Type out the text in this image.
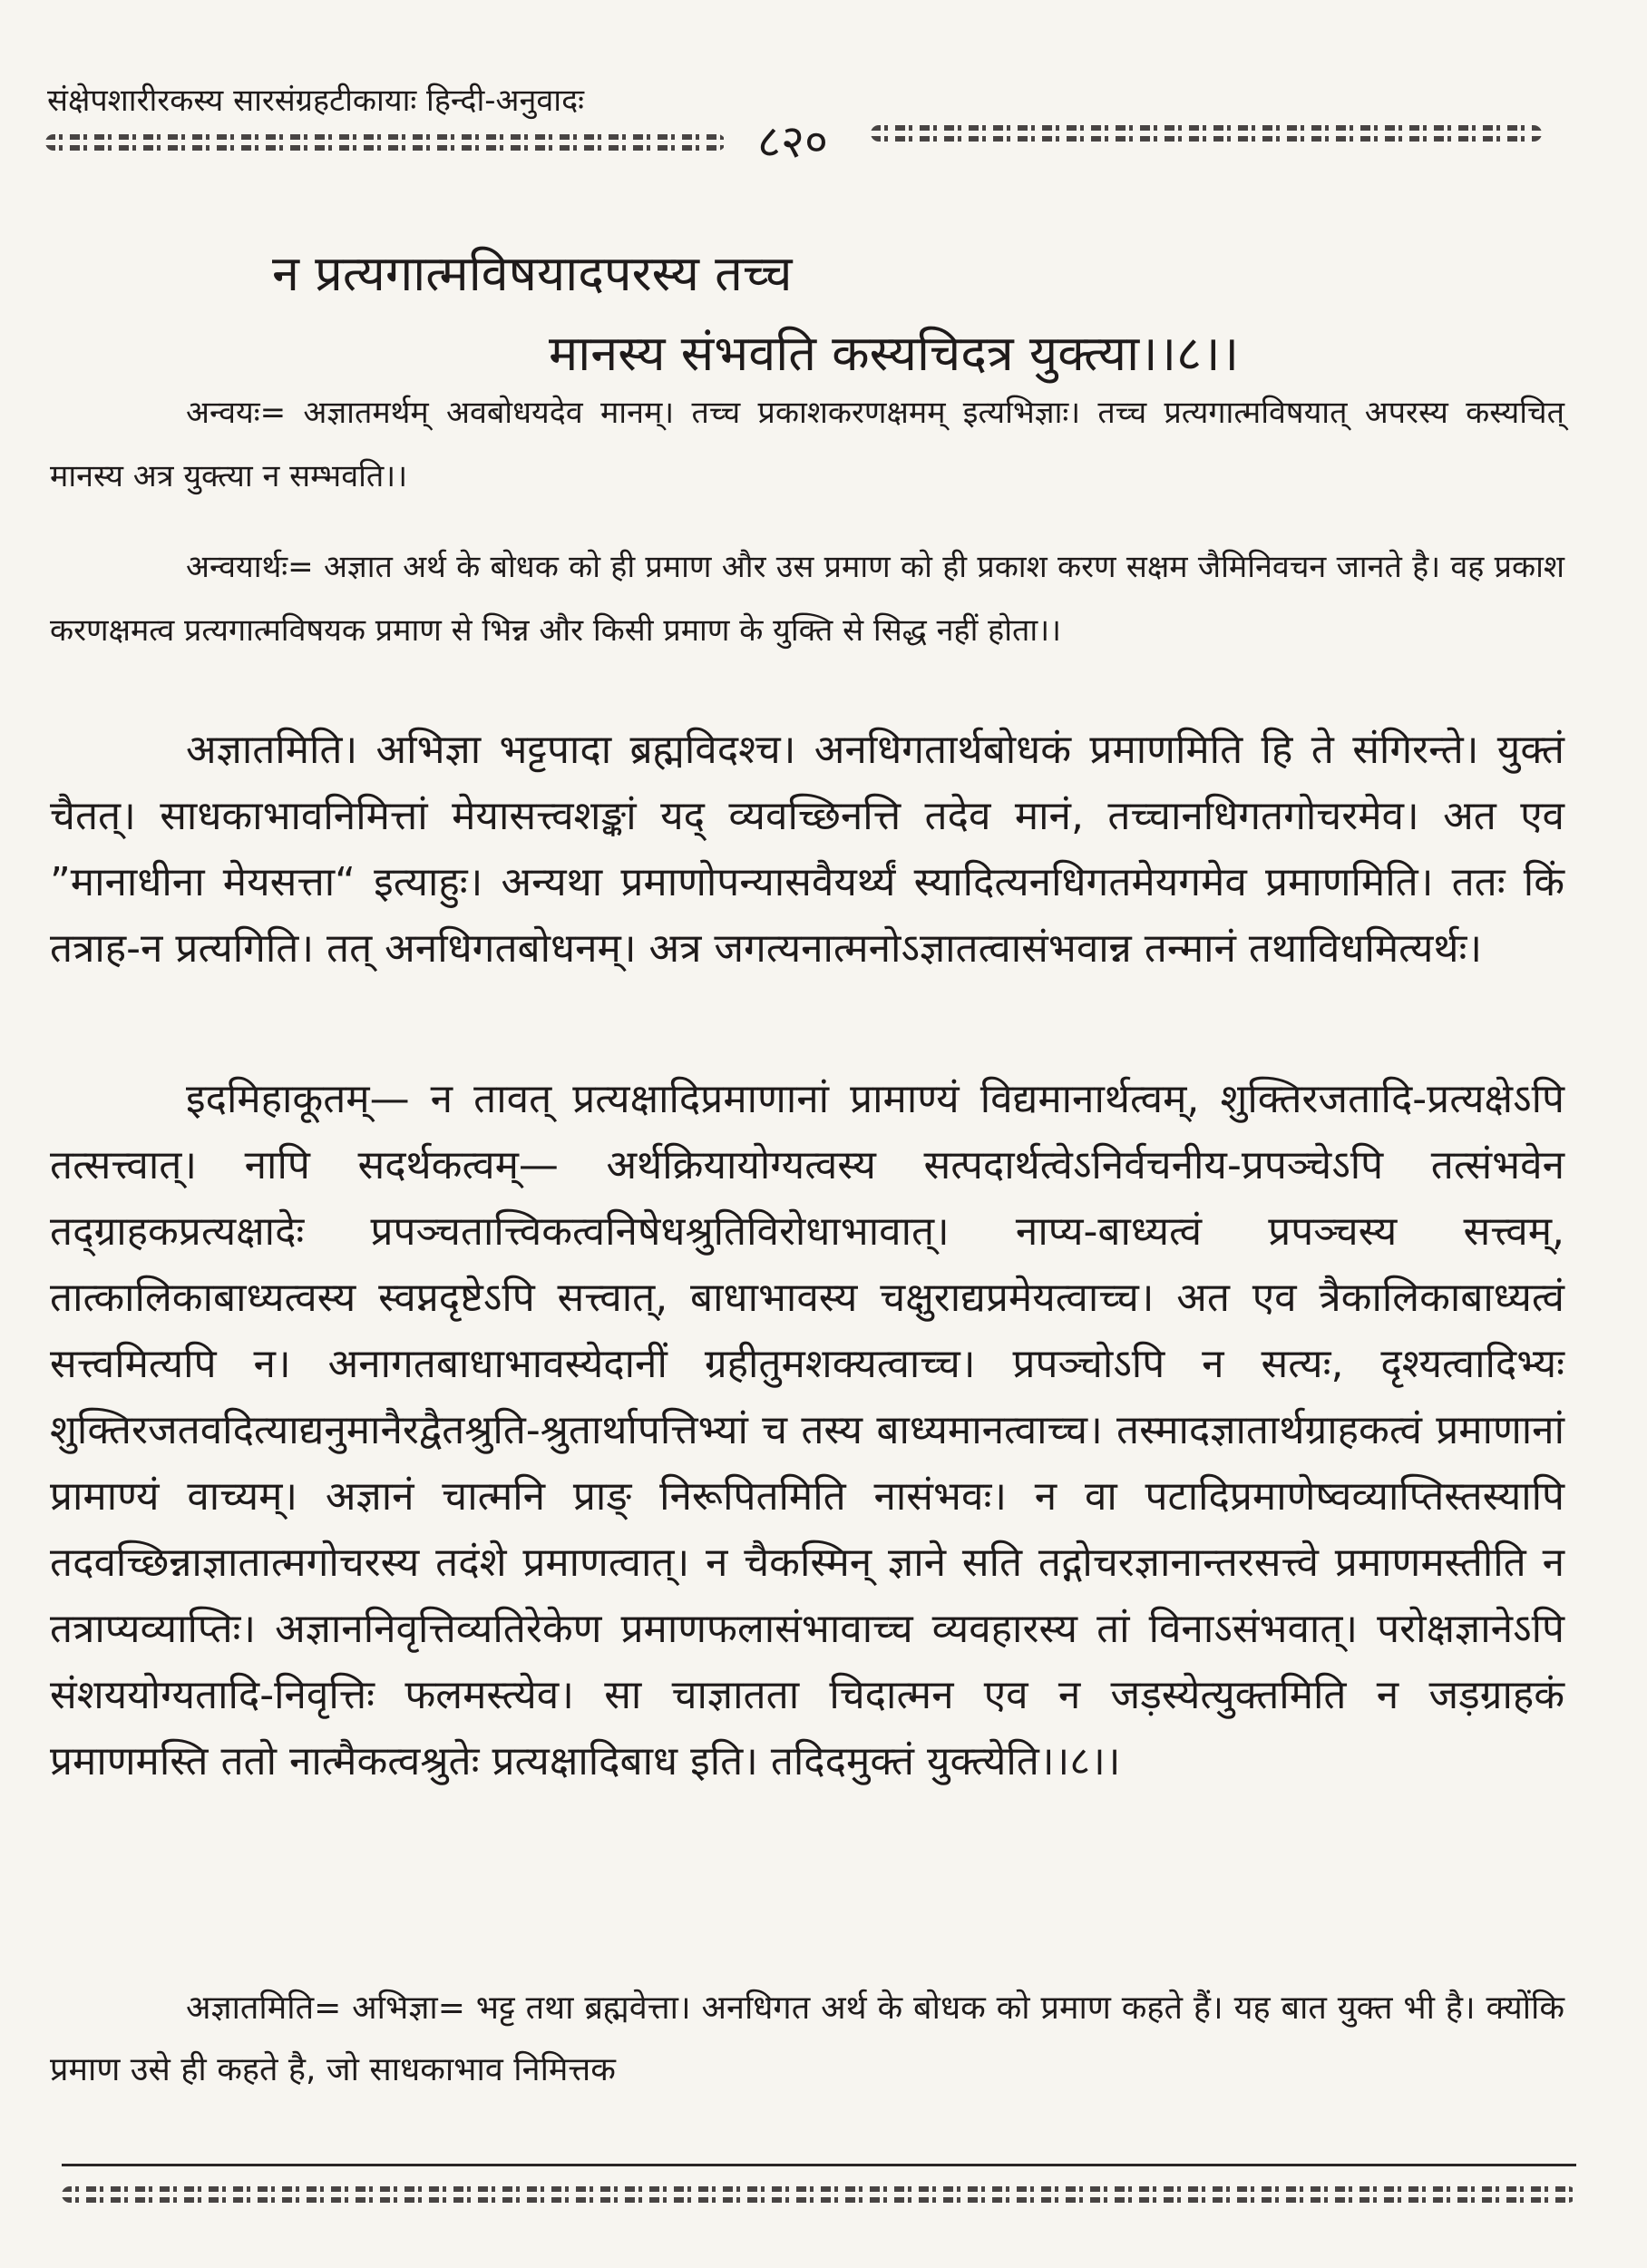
संक्षेपशारीरकस्य सारसंग्रहटीकायाः हिन्दी-अनुवादः
८२०
न प्रत्यगात्मविषयादपरस्य तच्च
मानस्य संभवति कस्यचिदत्र युक्त्या।।८।।
अन्वयः= अज्ञातमर्थम् अवबोधयदेव मानम्। तच्च प्रकाशकरणक्षमम् इत्यभिज्ञाः। तच्च प्रत्यगात्मविषयात् अपरस्य कस्यचित् मानस्य अत्र युक्त्या न सम्भवति।।
अन्वयार्थः= अज्ञात अर्थ के बोधक को ही प्रमाण और उस प्रमाण को ही प्रकाश करण सक्षम जैमिनिवचन जानते है। वह प्रकाश करणक्षमत्व प्रत्यगात्मविषयक प्रमाण से भिन्न और किसी प्रमाण के युक्ति से सिद्ध नहीं होता।।
अज्ञातमिति। अभिज्ञा भट्टपादा ब्रह्मविदश्च। अनधिगतार्थबोधकं प्रमाणमिति हि ते संगिरन्ते। युक्तं चैतत्। साधकाभावनिमित्तां मेयासत्त्वशङ्कां यद् व्यवच्छिनत्ति तदेव मानं, तच्चानधिगतगोचरमेव। अत एव ”मानाधीना मेयसत्ता“ इत्याहुः। अन्यथा प्रमाणोपन्यासवैयर्थ्यं स्यादित्यनधिगतमेयगमेव प्रमाणमिति। ततः किं तत्राह-न प्रत्यगिति। तत् अनधिगतबोधनम्। अत्र जगत्यनात्मनोऽज्ञातत्वासंभवान्न तन्मानं तथाविधमित्यर्थः।
इदमिहाकूतम्— न तावत् प्रत्यक्षादिप्रमाणानां प्रामाण्यं विद्यमानार्थत्वम्, शुक्तिरजतादि-प्रत्यक्षेऽपि तत्सत्त्वात्। नापि सदर्थकत्वम्— अर्थक्रियायोग्यत्वस्य सत्पदार्थत्वेऽनिर्वचनीय-प्रपञ्चेऽपि तत्संभवेन तद्ग्राहकप्रत्यक्षादेः प्रपञ्चतात्त्विकत्वनिषेधश्रुतिविरोधाभावात्। नाप्य-बाध्यत्वं प्रपञ्चस्य सत्त्वम्, तात्कालिकाबाध्यत्वस्य स्वप्नदृष्टेऽपि सत्त्वात्, बाधाभावस्य चक्षुराद्यप्रमेयत्वाच्च। अत एव त्रैकालिकाबाध्यत्वं सत्त्वमित्यपि न। अनागतबाधाभावस्येदानीं ग्रहीतुमशक्यत्वाच्च। प्रपञ्चोऽपि न सत्यः, दृश्यत्वादिभ्यः शुक्तिरजतवदित्याद्यनुमानैरद्वैतश्रुति-श्रुतार्थापत्तिभ्यां च तस्य बाध्यमानत्वाच्च। तस्मादज्ञातार्थग्राहकत्वं प्रमाणानां प्रामाण्यं वाच्यम्। अज्ञानं चात्मनि प्राङ् निरूपितमिति नासंभवः। न वा पटादिप्रमाणेष्वव्याप्तिस्तस्यापि तदवच्छिन्नाज्ञातात्मगोचरस्य तदंशे प्रमाणत्वात्। न चैकस्मिन् ज्ञाने सति तद्गोचरज्ञानान्तरसत्त्वे प्रमाणमस्तीति न तत्राप्यव्याप्तिः। अज्ञाननिवृत्तिव्यतिरेकेण प्रमाणफलासंभावाच्च व्यवहारस्य तां विनाऽसंभवात्। परोक्षज्ञानेऽपि संशययोग्यतादि-निवृत्तिः फलमस्त्येव। सा चाज्ञातता चिदात्मन एव न जड़स्येत्युक्तमिति न जड़ग्राहकं प्रमाणमस्ति ततो नात्मैकत्वश्रुतेः प्रत्यक्षादिबाध इति। तदिदमुक्तं युक्त्येति।।८।।
अज्ञातमिति= अभिज्ञा= भट्ट तथा ब्रह्मवेत्ता। अनधिगत अर्थ के बोधक को प्रमाण कहते हैं। यह बात युक्त भी है। क्योंकि प्रमाण उसे ही कहते है, जो साधकाभाव निमित्तक
